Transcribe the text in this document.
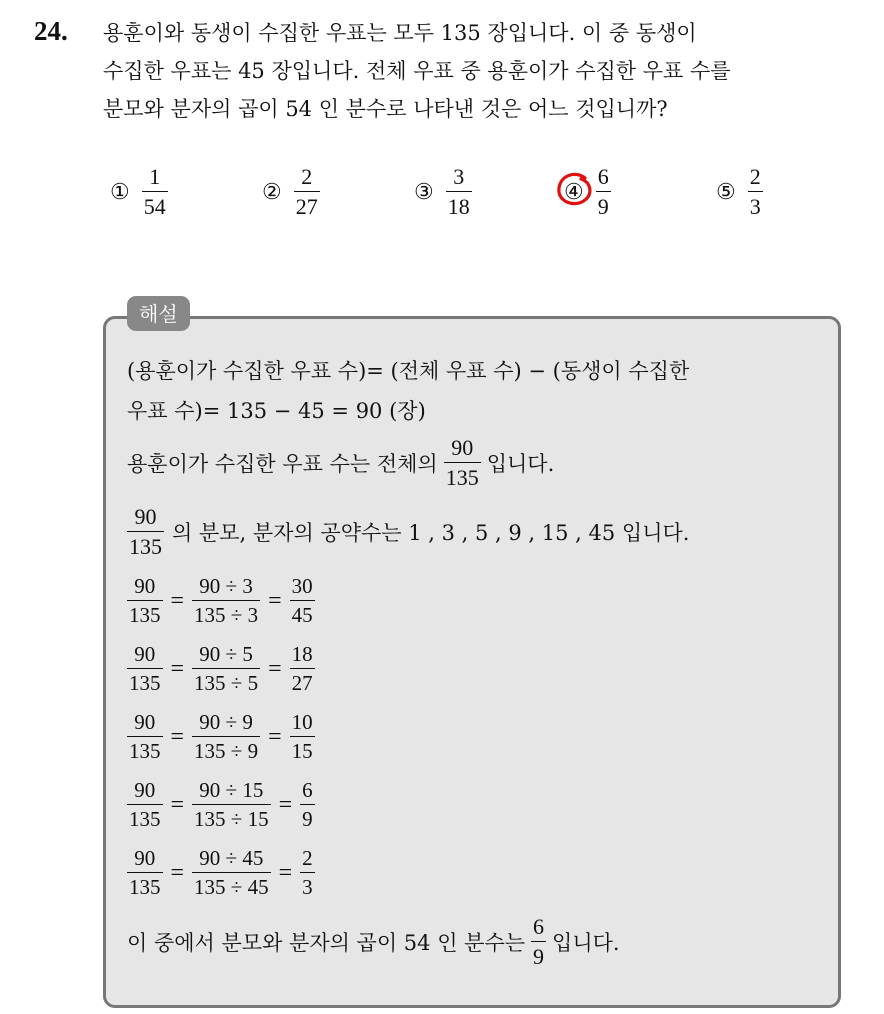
24. 용훈이와 동생이 수집한 우표는 모두 135 장입니다. 이 중 동생이
수집한 우표는 45 장입니다. 전체 우표 중 용훈이가 수집한 우표 수를
분모와 분자의 곱이 54 인 분수로 나타낸 것은 어느 것입니까?
① $\frac{1}{54}$	② $\frac{2}{27}$	③ $\frac{3}{18}$	④ $\frac{6}{9}$	⑤ $\frac{2}{3}$
해설
(용훈이가 수집한 우표 수)= (전체 우표 수) − (동생이 수집한
우표 수)= 135 − 45 = 90 (장)
용훈이가 수집한 우표 수는 전체의 $\frac{90}{135}$ 입니다.
$\frac{90}{135}$ 의 분모, 분자의 공약수는 1 , 3 , 5 , 9 , 15 , 45 입니다.
$\frac{90}{135} = \frac{90 \div 3}{135 \div 3} = \frac{30}{45}$
$\frac{90}{135} = \frac{90 \div 5}{135 \div 5} = \frac{18}{27}$
$\frac{90}{135} = \frac{90 \div 9}{135 \div 9} = \frac{10}{15}$
$\frac{90}{135} = \frac{90 \div 15}{135 \div 15} = \frac{6}{9}$
$\frac{90}{135} = \frac{90 \div 45}{135 \div 45} = \frac{2}{3}$
이 중에서 분모와 분자의 곱이 54 인 분수는 $\frac{6}{9}$ 입니다.
